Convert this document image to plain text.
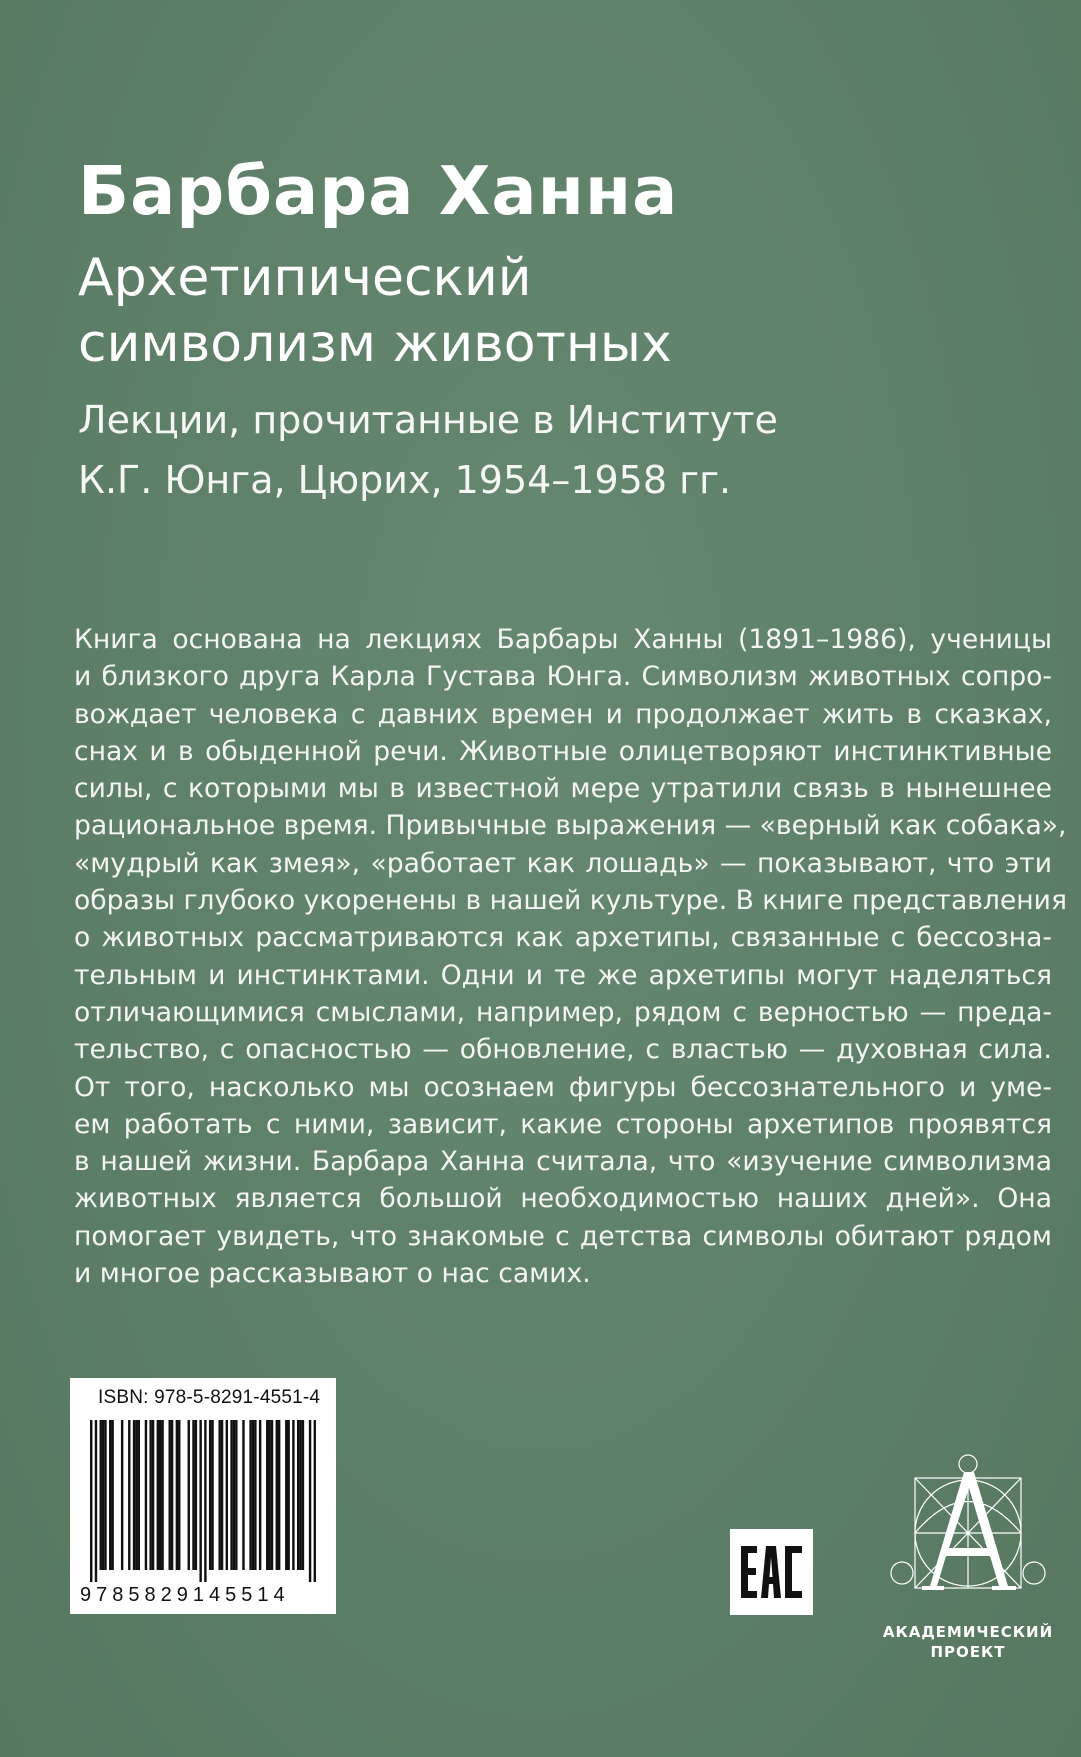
Барбара Ханна
Архетипический
символизм животных
Лекции, прочитанные в Институте
К.Г. Юнга, Цюрих, 1954–1958 гг.
Книга основана на лекциях Барбары Ханны (1891–1986), ученицы
и близкого друга Карла Густава Юнга. Символизм животных сопро-
вождает человека с давних времен и продолжает жить в сказках,
снах и в обыденной речи. Животные олицетворяют инстинктивные
силы, с которыми мы в известной мере утратили связь в нынешнее
рациональное время. Привычные выражения — «верный как собака»,
«мудрый как змея», «работает как лошадь» — показывают, что эти
образы глубоко укоренены в нашей культуре. В книге представления
о животных рассматриваются как архетипы, связанные с бессозна-
тельным и инстинктами. Одни и те же архетипы могут наделяться
отличающимися смыслами, например, рядом с верностью — преда-
тельство, с опасностью — обновление, с властью — духовная сила.
От того, насколько мы осознаем фигуры бессознательного и уме-
ем работать с ними, зависит, какие стороны архетипов проявятся
в нашей жизни. Барбара Ханна считала, что «изучение символизма
животных является большой необходимостью наших дней». Она
помогает увидеть, что знакомые с детства символы обитают рядом
и многое рассказывают о нас самих.
ISBN: 978-5-8291-4551-4
9785829145514
АКАДЕМИЧЕСКИЙ
ПРОЕКТ
